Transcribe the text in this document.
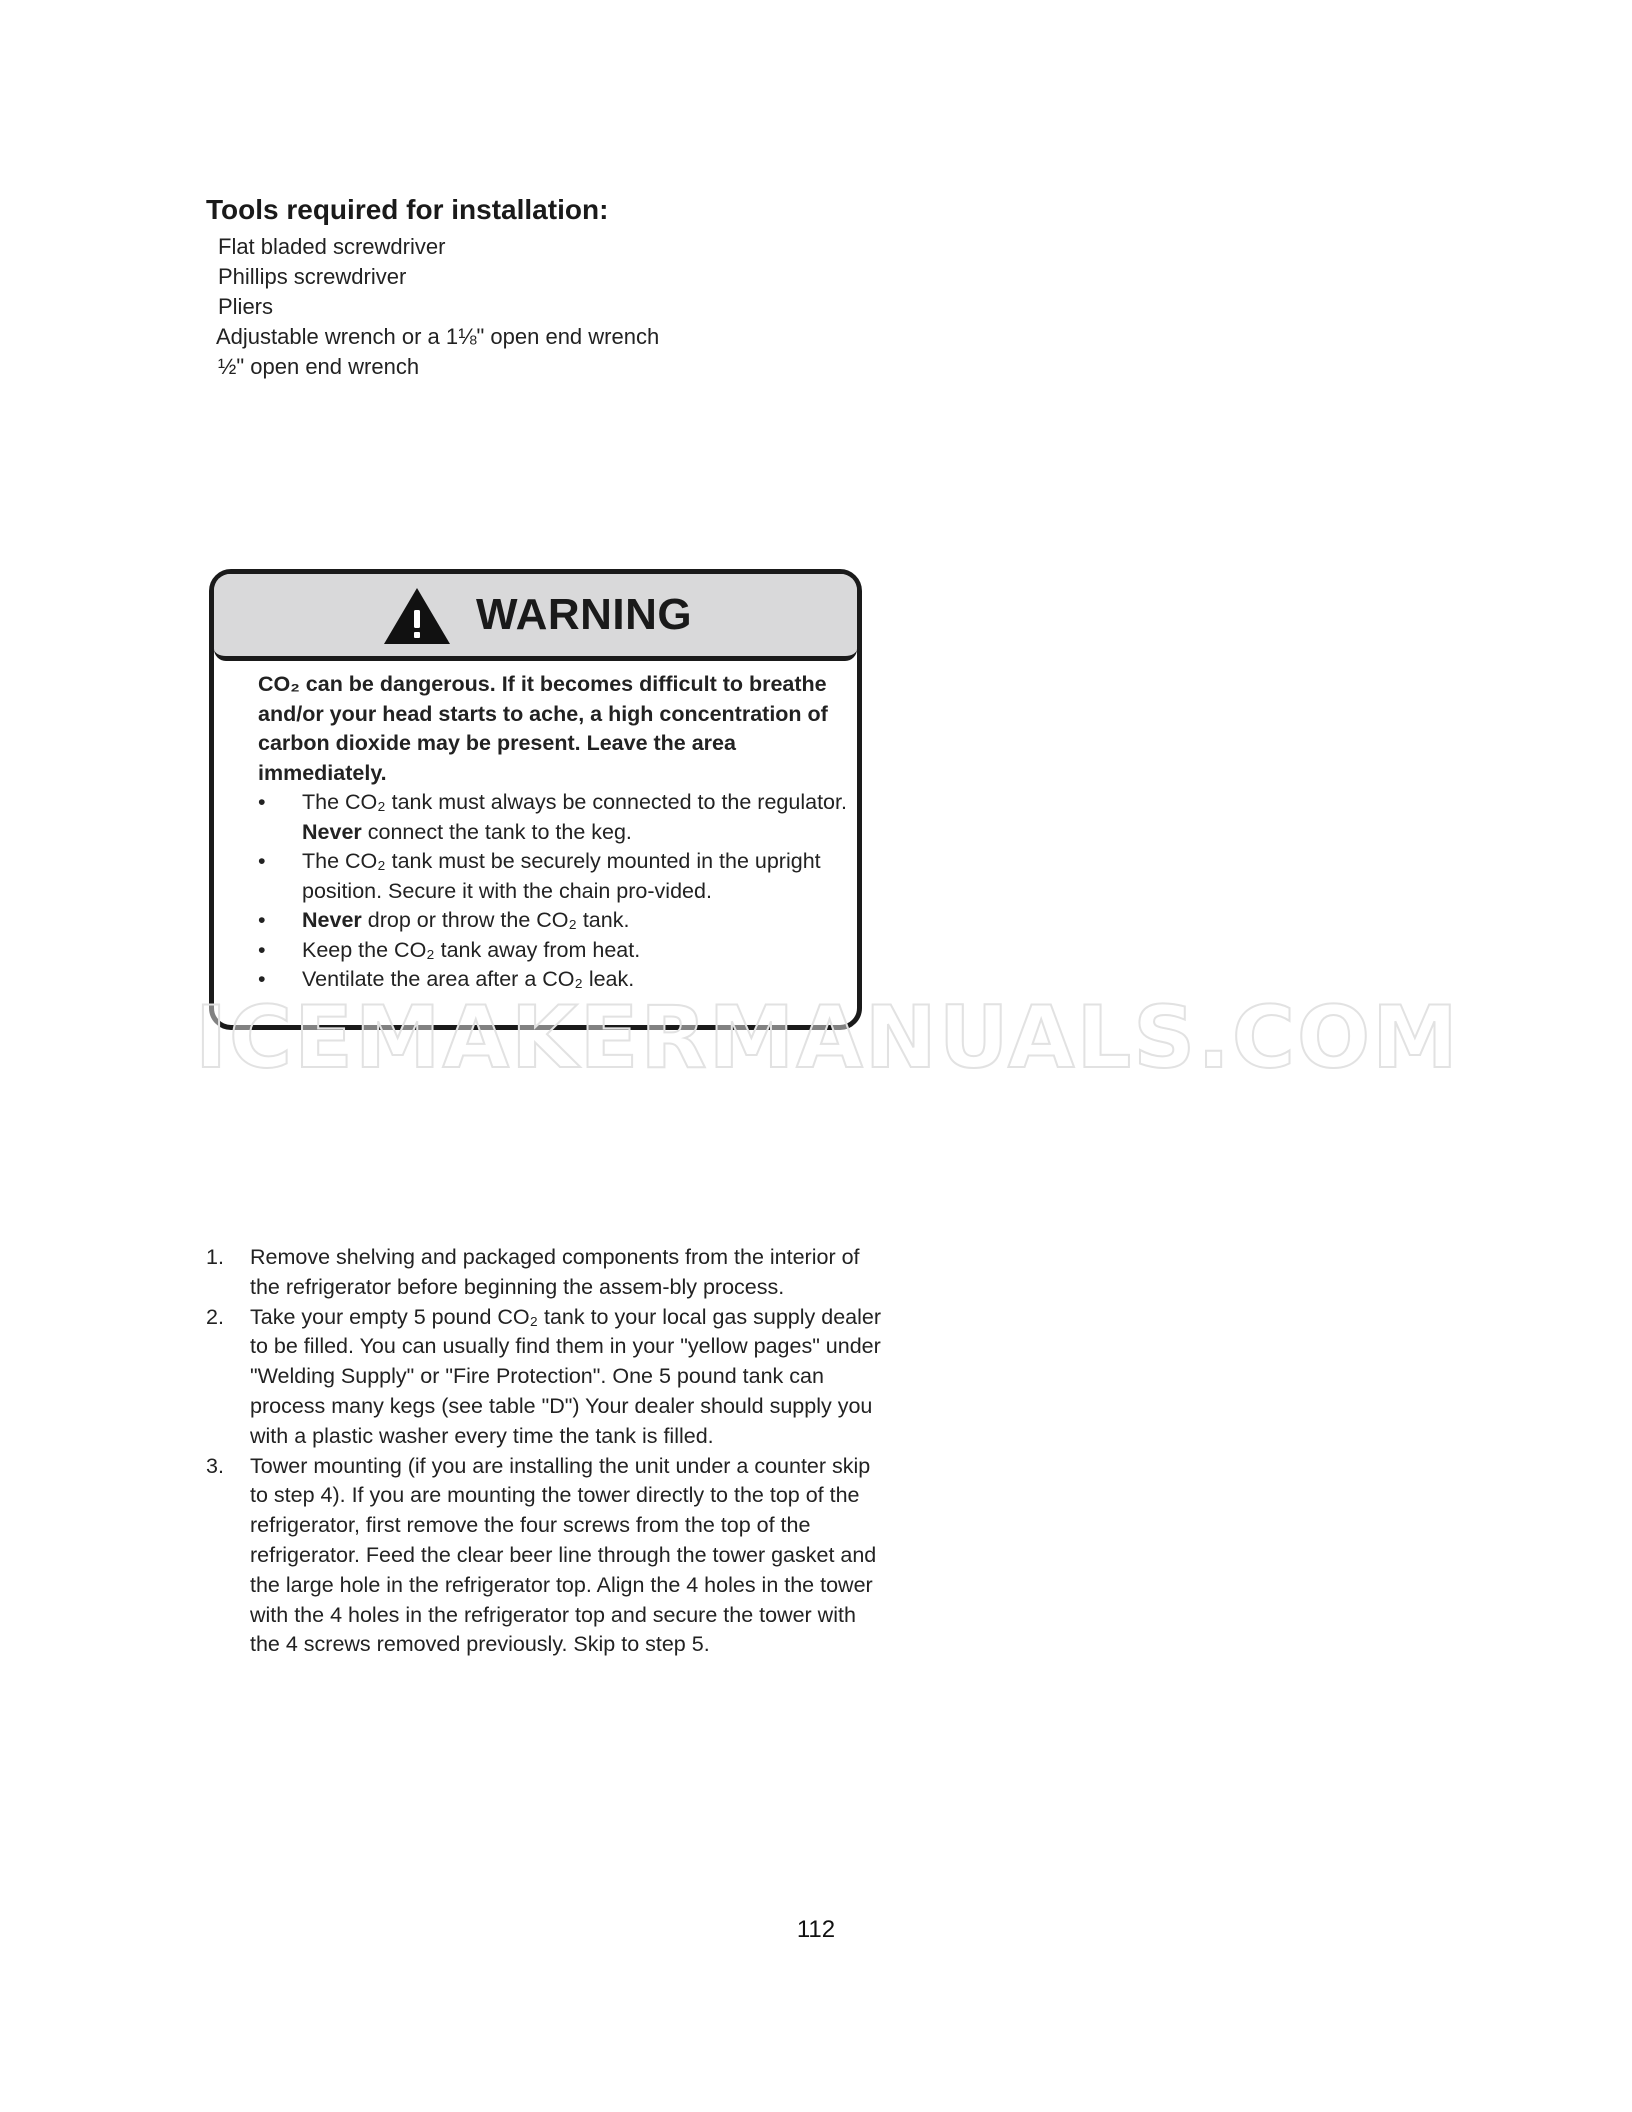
Tools required for installation:
Flat bladed screwdriver
Phillips screwdriver
Pliers
Adjustable wrench or a 1⅛" open end wrench
½" open end wrench
WARNING

CO₂ can be dangerous. If it becomes difficult to breathe and/or your head starts to ache, a high concentration of carbon dioxide may be present. Leave the area immediately.

• The CO₂ tank must always be connected to the regulator. Never connect the tank to the keg.
• The CO₂ tank must be securely mounted in the upright position. Secure it with the chain pro-vided.
• Never drop or throw the CO₂ tank.
• Keep the CO₂ tank away from heat.
• Ventilate the area after a CO₂ leak.
ICEMAKERMANUALS.COM
1. Remove shelving and packaged components from the interior of the refrigerator before beginning the assem-bly process.
2. Take your empty 5 pound CO₂ tank to your local gas supply dealer to be filled. You can usually find them in your "yellow pages" under "Welding Supply" or "Fire Protection". One 5 pound tank can process many kegs (see table "D") Your dealer should supply you with a plastic washer every time the tank is filled.
3. Tower mounting (if you are installing the unit under a counter skip to step 4). If you are mounting the tower directly to the top of the refrigerator, first remove the four screws from the top of the refrigerator. Feed the clear beer line through the tower gasket and the large hole in the refrigerator top. Align the 4 holes in the tower with the 4 holes in the refrigerator top and secure the tower with the 4 screws removed previously. Skip to step 5.
112
